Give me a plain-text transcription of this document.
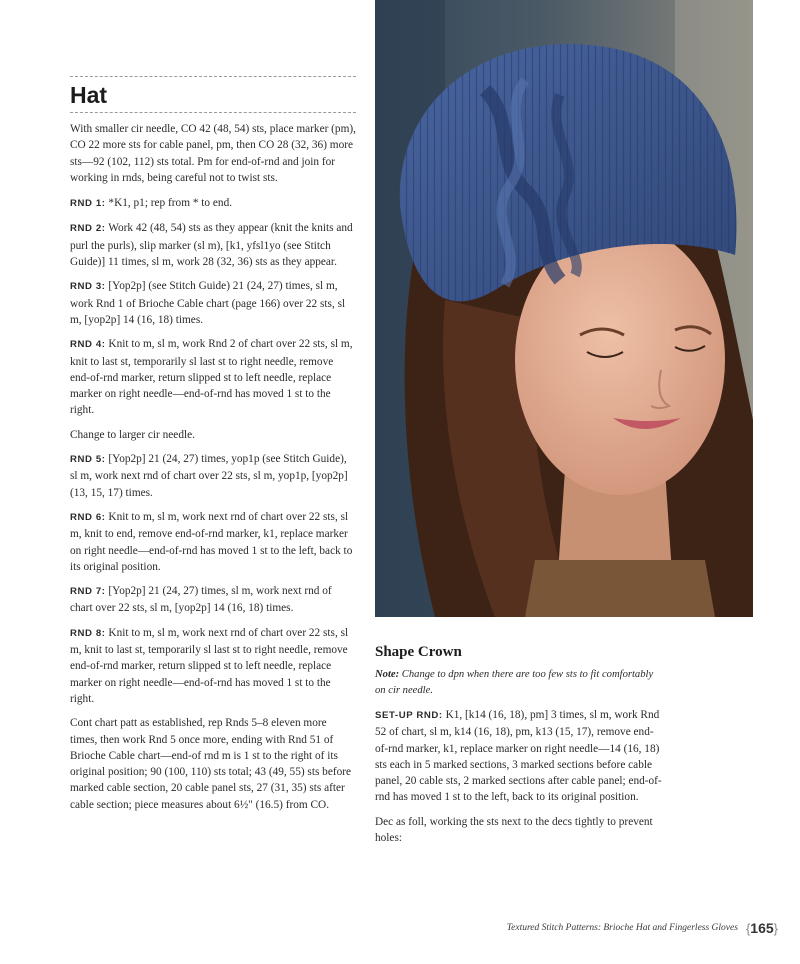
Hat

With smaller cir needle, CO 42 (48, 54) sts, place marker (pm), CO 22 more sts for cable panel, pm, then CO 28 (32, 36) more sts—92 (102, 112) sts total. Pm for end-of-rnd and join for working in rnds, being careful not to twist sts.

RND 1: *K1, p1; rep from * to end.

RND 2: Work 42 (48, 54) sts as they appear (knit the knits and purl the purls), slip marker (sl m), [k1, yfsl1yo (see Stitch Guide)] 11 times, sl m, work 28 (32, 36) sts as they appear.

RND 3: [Yop2p] (see Stitch Guide) 21 (24, 27) times, sl m, work Rnd 1 of Brioche Cable chart (page 166) over 22 sts, sl m, [yop2p] 14 (16, 18) times.

RND 4: Knit to m, sl m, work Rnd 2 of chart over 22 sts, sl m, knit to last st, temporarily sl last st to right needle, remove end-of-rnd marker, return slipped st to left needle, replace marker on right needle—end-of-rnd has moved 1 st to the right.

Change to larger cir needle.

RND 5: [Yop2p] 21 (24, 27) times, yop1p (see Stitch Guide), sl m, work next rnd of chart over 22 sts, sl m, yop1p, [yop2p] (13, 15, 17) times.

RND 6: Knit to m, sl m, work next rnd of chart over 22 sts, sl m, knit to end, remove end-of-rnd marker, k1, replace marker on right needle—end-of-rnd has moved 1 st to the left, back to its original position.

RND 7: [Yop2p] 21 (24, 27) times, sl m, work next rnd of chart over 22 sts, sl m, [yop2p] 14 (16, 18) times.

RND 8: Knit to m, sl m, work next rnd of chart over 22 sts, sl m, knit to last st, temporarily sl last st to right needle, remove end-of-rnd marker, return slipped st to left needle, replace marker on right needle—end-of-rnd has moved 1 st to the right.

Cont chart patt as established, rep Rnds 5–8 eleven more times, then work Rnd 5 once more, ending with Rnd 51 of Brioche Cable chart—end-of rnd m is 1 st to the right of its original position; 90 (100, 110) sts total; 43 (49, 55) sts before marked cable section, 20 cable panel sts, 27 (31, 35) sts after cable section; piece measures about 6½" (16.5) from CO.

Shape Crown

Note: Change to dpn when there are too few sts to fit comfortably on cir needle.

SET-UP RND: K1, [k14 (16, 18), pm] 3 times, sl m, work Rnd 52 of chart, sl m, k14 (16, 18), pm, k13 (15, 17), remove end-of-rnd marker, k1, replace marker on right needle—14 (16, 18) sts each in 5 marked sections, 3 marked sections before cable panel, 20 cable sts, 2 marked sections after cable panel; end-of-rnd has moved 1 st to the left, back to its original position.

Dec as foll, working the sts next to the decs tightly to prevent holes:

Textured Stitch Patterns: Brioche Hat and Fingerless Gloves { 165 }
